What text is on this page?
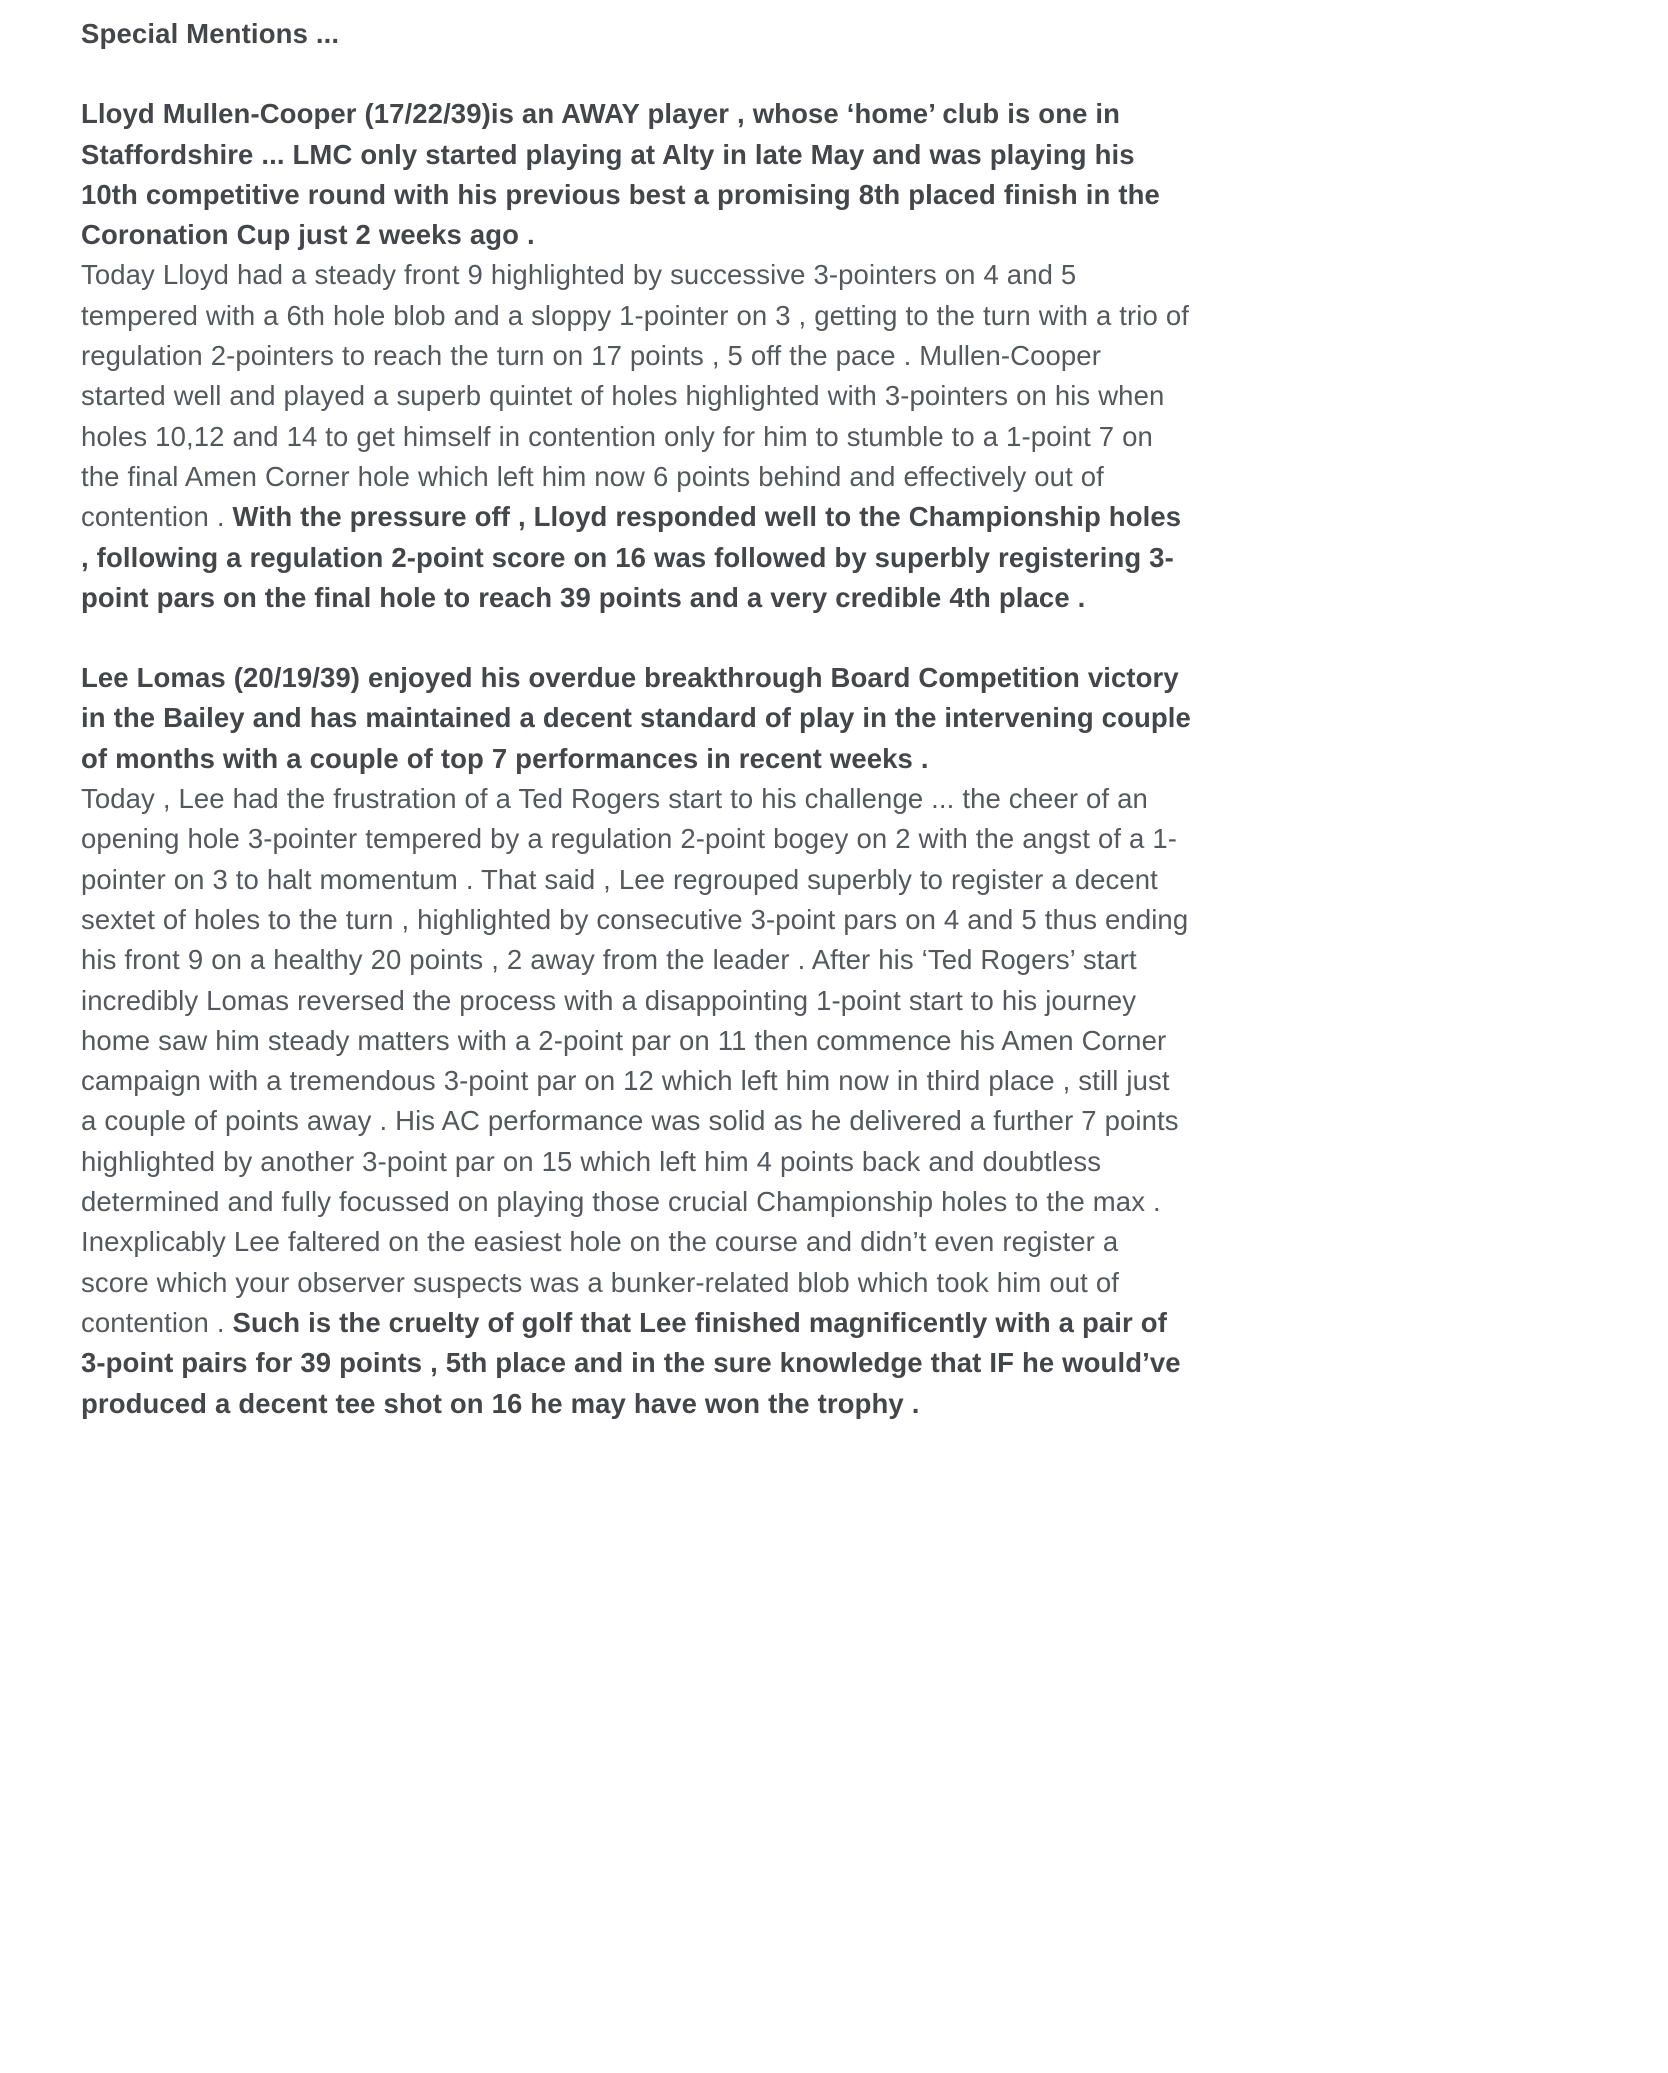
Special Mentions ...

Lloyd Mullen-Cooper (17/22/39)is an AWAY player , whose ‘home’ club is one in Staffordshire ... LMC only started playing at Alty in late May and was playing his 10th competitive round with his previous best a promising 8th placed finish in the Coronation Cup just 2 weeks ago .

Today Lloyd had a steady front 9 highlighted by successive 3-pointers on 4 and 5 tempered with a 6th hole blob and a sloppy 1-pointer on 3 , getting to the turn with a trio of regulation 2-pointers to reach the turn on 17 points , 5 off the pace . Mullen-Cooper started well and played a superb quintet of holes highlighted with 3-pointers on his when holes 10,12 and 14 to get himself in contention only for him to stumble to a 1-point 7 on the final Amen Corner hole which left him now 6 points behind and effectively out of contention . With the pressure off , Lloyd responded well to the Championship holes , following a regulation 2-point score on 16 was followed by superbly registering 3-point pars on the final hole to reach 39 points and a very credible 4th place .

Lee Lomas (20/19/39) enjoyed his overdue breakthrough Board Competition victory in the Bailey and has maintained a decent standard of play in the intervening couple of months with a couple of top 7 performances in recent weeks .

Today , Lee had the frustration of a Ted Rogers start to his challenge ... the cheer of an opening hole 3-pointer tempered by a regulation 2-point bogey on 2 with the angst of a 1-pointer on 3 to halt momentum . That said , Lee regrouped superbly to register a decent sextet of holes to the turn , highlighted by consecutive 3-point pars on 4 and 5 thus ending his front 9 on a healthy 20 points , 2 away from the leader . After his ‘Ted Rogers’ start incredibly Lomas reversed the process with a disappointing 1-point start to his journey home saw him steady matters with a 2-point par on 11 then commence his Amen Corner campaign with a tremendous 3-point par on 12 which left him now in third place , still just a couple of points away . His AC performance was solid as he delivered a further 7 points highlighted by another 3-point par on 15 which left him 4 points back and doubtless determined and fully focussed on playing those crucial Championship holes to the max . Inexplicably Lee faltered on the easiest hole on the course and didn’t even register a score which your observer suspects was a bunker-related blob which took him out of contention . Such is the cruelty of golf that Lee finished magnificently with a pair of 3-point pairs for 39 points , 5th place and in the sure knowledge that IF he would’ve produced a decent tee shot on 16 he may have won the trophy .
